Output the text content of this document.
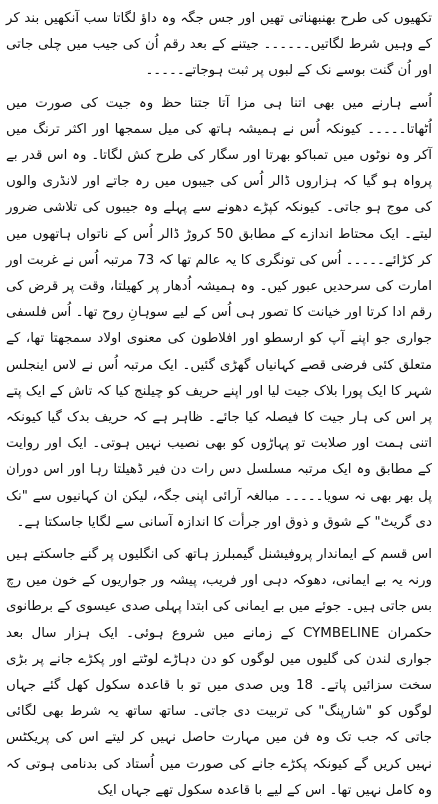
تکھیوں کی طرح بھنبھناتی تھیں اور جس جگہ وہ داؤ لگاتا سب آنکھیں بند کر کے وہیں شرط لگاتیں۔۔۔۔۔۔ جیتنے کے بعد رقم اُن کی جیب میں چلی جاتی اور اُن گنت بوسے نک کے لبوں پر ثبت ہوجاتے۔۔۔۔۔

اُسے ہارنے میں بھی اتنا ہی مزا آتا جتنا حظ وہ جیت کی صورت میں اُٹھاتا۔۔۔۔۔ کیونکہ اُس نے ہمیشہ ہاتھ کی میل سمجھا اور اکثر ترنگ میں آکر وہ نوٹوں میں تمباکو بھرتا اور سگار کی طرح کش لگاتا۔ وہ اس قدر بے پرواہ ہو گیا کہ ہزاروں ڈالر اُس کی جیبوں میں رہ جاتے اور لانڈری والوں کی موج ہو جاتی۔ کیونکہ کپڑے دھونے سے پہلے وہ جیبوں کی تلاشی ضرور لیتے۔ ایک محتاط اندازے کے مطابق 50 کروڑ ڈالر اُس کے ناتواں ہاتھوں میں کر کڑائے۔۔۔۔۔ اُس کی تونگری کا یہ عالم تھا کہ 73 مرتبہ اُس نے غربت اور امارت کی سرحدیں عبور کیں۔ وہ ہمیشہ اُدھار پر کھیلتا، وقت پر قرض کی رقم ادا کرتا اور خیانت کا تصور ہی اُس کے لیے سوہانِ روح تھا۔ اُس فلسفی جواری جو اپنے آپ کو ارسطو اور افلاطون کی معنوی اولاد سمجھتا تھا، کے متعلق کئی فرضی قصے کہانیاں گھڑی گئیں۔ ایک مرتبہ اُس نے لاس اینجلس شہر کا ایک پورا بلاک جیت لیا اور اپنے حریف کو چیلنج کیا کہ تاش کے ایک پتے پر اس کی ہار جیت کا فیصلہ کیا جائے۔ ظاہر ہے کہ حریف بدک گیا کیونکہ اتنی ہمت اور صلابت تو پہاڑوں کو بھی نصیب نہیں ہوتی۔ ایک اور روایت کے مطابق وہ ایک مرتبہ مسلسل دس رات دن فیر ڈھیلتا رہا اور اس دوران پل بھر بھی نہ سویا۔۔۔۔۔ مبالغہ آرائی اپنی جگہ، لیکن ان کہانیوں سے "نک دی گریٹ" کے شوق و ذوق اور جرأت کا اندازہ آسانی سے لگایا جاسکتا ہے۔

اس قسم کے ایماندار پروفیشنل گیمبلرز ہاتھ کی انگلیوں پر گنے جاسکتے ہیں ورنہ یہ بے ایمانی، دھوکہ دہی اور فریب، پیشہ ور جواریوں کے خون میں رچ بس جاتی ہیں۔ جوئے میں بے ایمانی کی ابتدا پہلی صدی عیسوی کے برطانوی حکمران CYMBELINE کے زمانے میں شروع ہوئی۔ ایک ہزار سال بعد جواری لندن کی گلیوں میں لوگوں کو دن دہاڑے لوٹتے اور پکڑے جانے پر بڑی سخت سزائیں پاتے۔ 18 ویں صدی میں تو با قاعدہ سکول کھل گئے جہاں لوگوں کو "شارپنگ" کی تربیت دی جاتی۔ ساتھ ساتھ یہ شرط بھی لگائی جاتی کہ جب تک وہ فن میں مہارت حاصل نہیں کر لیتے اس کی پریکٹس نہیں کریں گے کیونکہ پکڑے جانے کی صورت میں اُستاد کی بدنامی ہوتی کہ وہ کامل نہیں تھا۔ اس کے لیے با قاعدہ سکول تھے جہاں ایک
